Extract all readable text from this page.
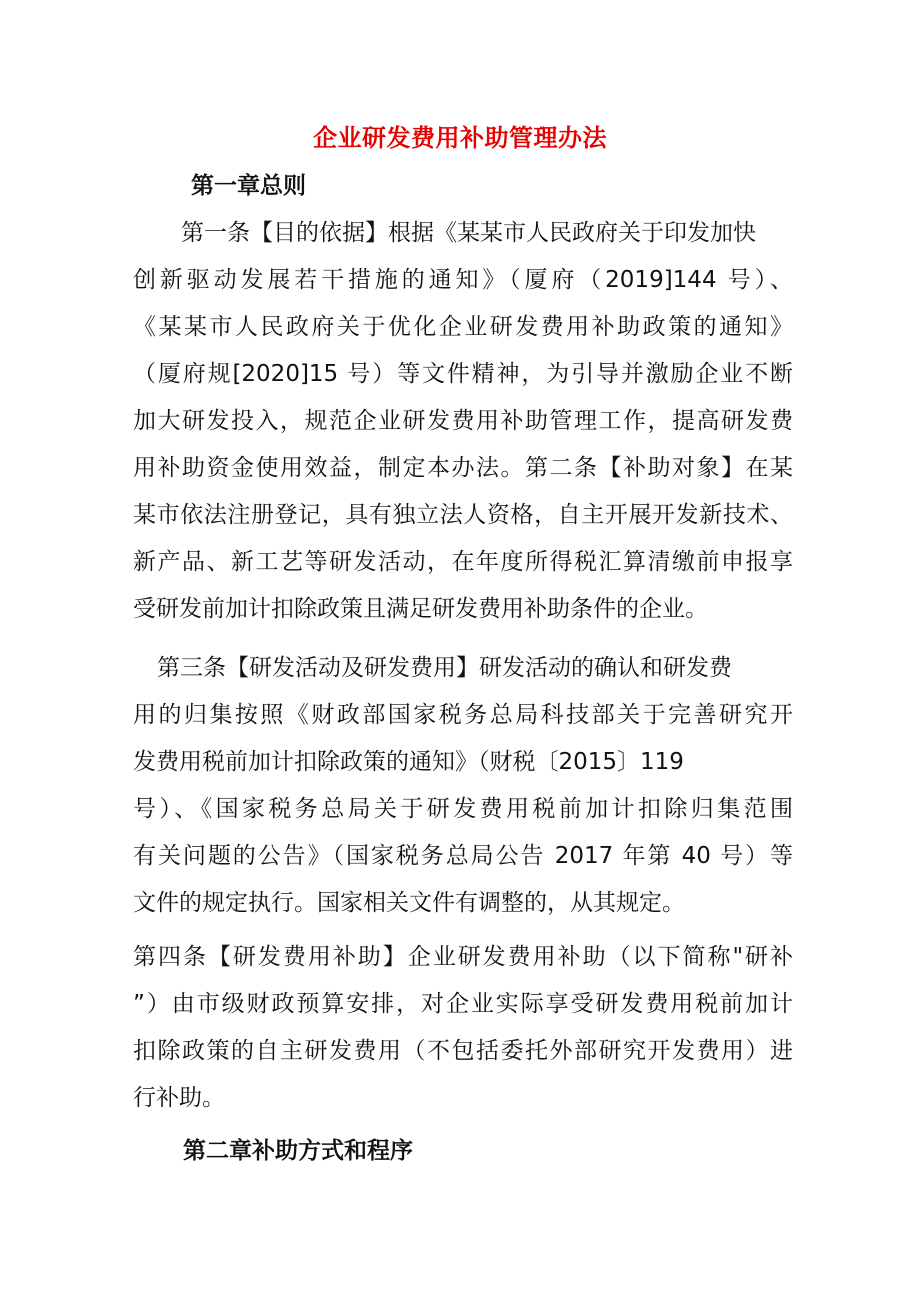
企业研发费用补助管理办法
第一章总则
第一条【目的依据】根据《某某市人民政府关于印发加快
创新驱动发展若干措施的通知》（厦府（2019]144 号）、
《某某市人民政府关于优化企业研发费用补助政策的通知》
（厦府规[2020]15 号）等文件精神，为引导并激励企业不断
加大研发投入，规范企业研发费用补助管理工作，提高研发费
用补助资金使用效益，制定本办法。第二条【补助对象】在某
某市依法注册登记，具有独立法人资格，自主开展开发新技术、
新产品、新工艺等研发活动，在年度所得税汇算清缴前申报享
受研发前加计扣除政策且满足研发费用补助条件的企业。
第三条【研发活动及研发费用】研发活动的确认和研发费
用的归集按照《财政部国家税务总局科技部关于完善研究开
发费用税前加计扣除政策的通知》（财税〔2015〕119
号）、《国家税务总局关于研发费用税前加计扣除归集范围
有关问题的公告》（国家税务总局公告 2017 年第 40 号）等
文件的规定执行。国家相关文件有调整的，从其规定。
第四条【研发费用补助】企业研发费用补助（以下简称"研补
”）由市级财政预算安排，对企业实际享受研发费用税前加计
扣除政策的自主研发费用（不包括委托外部研究开发费用）进
行补助。
第二章补助方式和程序
